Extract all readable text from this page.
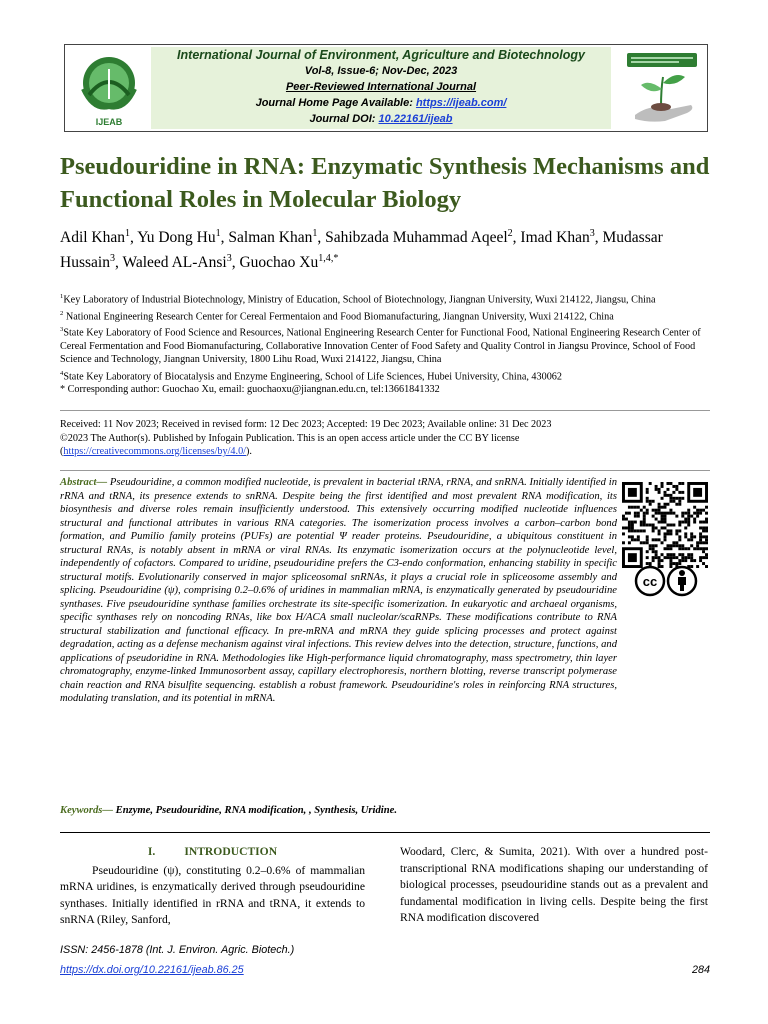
IJEAB
International Journal of Environment, Agriculture and Biotechnology
Vol-8, Issue-6; Nov-Dec, 2023
Peer-Reviewed International Journal
Journal Home Page Available: https://ijeab.com/
Journal DOI: 10.22161/ijeab
Pseudouridine in RNA: Enzymatic Synthesis Mechanisms and Functional Roles in Molecular Biology
Adil Khan$^1$, Yu Dong Hu$^1$, Salman Khan$^1$, Sahibzada Muhammad Aqeel$^2$, Imad Khan$^3$, Mudassar Hussain$^3$, Waleed AL-Ansi$^3$, Guochao $Xu^{1,4,*}$

$^1$Key Laboratory of Industrial Biotechnology, Ministry of Education, School of Biotechnology, Jiangnan University, Wuxi 214122, Jiangsu, China

$^2$ National Engineering Research Center for Cereal Fermentaion and Food Biomanufacturing, Jiangnan University, Wuxi 214122, China

$^3$State Key Laboratory of Food Science and Resources, National Engineering Research Center for Functional Food, National Engineering Research Center of Cereal Fermentation and Food Biomanufacturing, Collaborative Innovation Center of Food Safety and Quality Control in Jiangsu Province, School of Food Science and Technology, Jiangnan University, 1800 Lihu Road, Wuxi 214122, Jiangsu, China

$^4$State Key Laboratory of Biocatalysis and Enzyme Engineering, School of Life Sciences, Hubei University, China, 430062

* Corresponding author: Guochao Xu, email: guochaoxu@jiangnan.edu.cn, tel:13661841332

Received: 11 Nov 2023; Received in revised form: 12 Dec 2023; Accepted: 19 Dec 2023; Available online: 31 Dec 2023

©2023 The Author(s). Published by Infogain Publication. This is an open access article under the CC BY license

(https://creativecommons.org/licenses/by/4.0/).

Abstract— Pseudouridine, a common modified nucleotide, is prevalent in bacterial tRNA, rRNA, and snRNA. Initially identified in rRNA and tRNA, its presence extends to snRNA. Despite being the first identified and most prevalent RNA modification, its biosynthesis and diverse roles remain insufficiently understood. This extensively occurring modified nucleotide influences structural and functional attributes in various RNA categories. The isomerization process involves a carbon–carbon bond formation, and Pumilio family proteins (PUFs) are potential Ψ reader proteins. Pseudouridine, a ubiquitous constituent in structural RNAs, is notably absent in mRNA or viral RNAs. Its enzymatic isomerization occurs at the polynucleotide level, independently of cofactors. Compared to uridine, pseudouridine prefers the C3-endo conformation, enhancing stability in specific structural motifs. Evolutionarily conserved in major spliceosomal snRNAs, it plays a crucial role in spliceosome assembly and splicing. Pseudouridine (ψ), comprising 0.2–0.6% of uridines in mammalian mRNA, is enzymatically generated by pseudouridine synthases. Five pseudouridine synthase families orchestrate its site-specific isomerization. In eukaryotic and archaeal organisms, specific synthases rely on noncoding RNAs, like box H/ACA small nucleolar/scaRNPs. These modifications contribute to RNA structural stabilization and functional efficacy. In pre-mRNA and mRNA they guide splicing processes and protect against degradation, acting as a defense mechanism against viral infections. This review delves into the detection, structure, functions, and applications of pseudoridine in RNA. Methodologies like High-performance liquid chromatography, mass spectrometry, thin layer chromatography, enzyme-linked Immunosorbent assay, capillary electrophoresis, northern blotting, reverse transcript polymerase chain reaction and RNA bisulfite sequencing. establish a robust framework. Pseudouridine's roles in reinforcing RNA structures, modulating translation, and its potential in mRNA.
cc
Keywords— Enzyme, Pseudouridine, RNA modification, , Synthesis, Uridine.
I.          INTRODUCTION

Pseudouridine (ψ), constituting 0.2–0.6% of mammalian mRNA uridines, is enzymatically derived through pseudouridine synthases. Initially identified in rRNA and tRNA, it extends to snRNA (Riley, Sanford,

Woodard, Clerc, & Sumita, 2021). With over a hundred post-transcriptional RNA modifications shaping our understanding of biological processes, pseudouridine stands out as a prevalent and fundamental modification in living cells. Despite being the first RNA modification discovered

ISSN: 2456-1878 (Int. J. Environ. Agric. Biotech.)
https://dx.doi.org/10.22161/ijeab.86.25	284
